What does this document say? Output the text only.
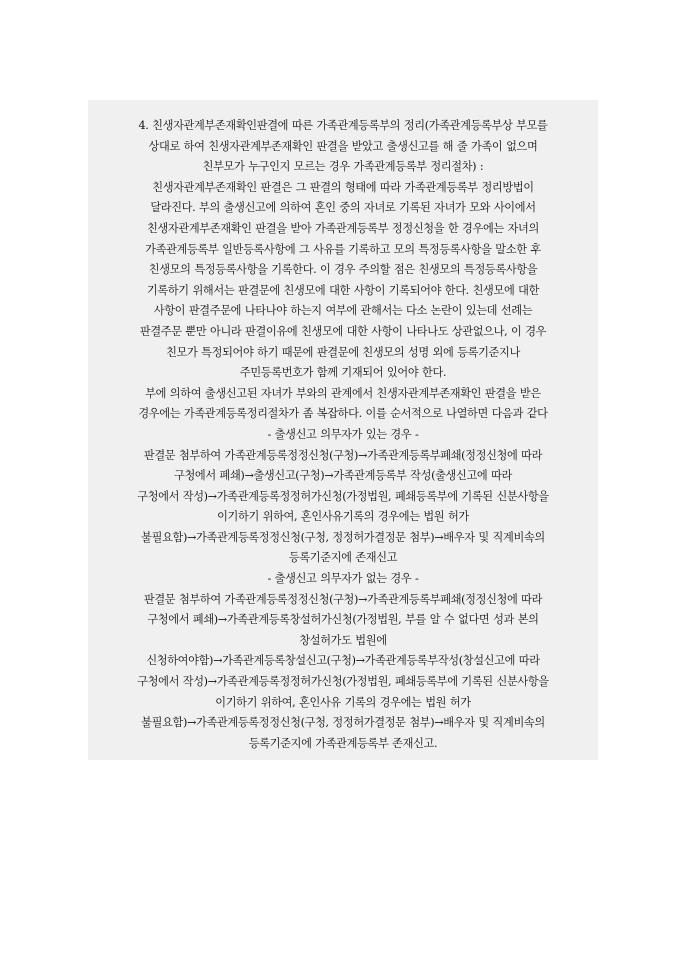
4. 친생자관계부존재확인판결에 따른 가족관계등록부의 정리(가족관계등록부상 부모를
상대로 하여 친생자관계부존재확인 판결을 받았고 출생신고를 해 줄 가족이 없으며
친부모가 누구인지 모르는 경우 가족관계등록부 정리절차) :
친생자관계부존재확인 판결은 그 판결의 형태에 따라 가족관계등록부 정리방법이
달라진다. 부의 출생신고에 의하여 혼인 중의 자녀로 기록된 자녀가 모와 사이에서
친생자관계부존재확인 판결을 받아 가족관계등록부 정정신청을 한 경우에는 자녀의
가족관계등록부 일반등록사항에 그 사유를 기록하고 모의 특정등록사항을 말소한 후
친생모의 특정등록사항을 기록한다. 이 경우 주의할 점은 친생모의 특정등록사항을
기록하기 위해서는 판결문에 친생모에 대한 사항이 기록되어야 한다. 친생모에 대한
사항이 판결주문에 나타나야 하는지 여부에 관해서는 다소 논란이 있는데 선례는
판결주문 뿐만 아니라 판결이유에 친생모에 대한 사항이 나타나도 상관없으나, 이 경우
친모가 특정되어야 하기 때문에 판결문에 친생모의 성명 외에 등록기준지나
주민등록번호가 함께 기재되어 있어야 한다.
부에 의하여 출생신고된 자녀가 부와의 관계에서 친생자관계부존재확인 판결을 받은
경우에는 가족관계등록정리절차가 좀 복잡하다. 이를 순서적으로 나열하면 다음과 같다
- 출생신고 의무자가 있는 경우 -
판결문 첨부하여 가족관계등록정정신청(구청)→가족관계등록부폐쇄(정정신청에 따라
구청에서 폐쇄)→출생신고(구청)→가족관계등록부 작성(출생신고에 따라
구청에서 작성)→가족관계등록정정허가신청(가정법원, 폐쇄등록부에 기록된 신분사항을
이기하기 위하여, 혼인사유기록의 경우에는 법원 허가
불필요함)→가족관계등록정정신청(구청, 정정허가결정문 첨부)→배우자 및 직계비속의
등록기준지에 존재신고
- 출생신고 의무자가 없는 경우 -
판결문 첨부하여 가족관계등록정정신청(구청)→가족관계등록부폐쇄(정정신청에 따라
구청에서 폐쇄)→가족관계등록창설허가신청(가정법원, 부를 알 수 없다면 성과 본의
창설허가도 법원에
신청하여야함)→가족관계등록창설신고(구청)→가족관계등록부작성(창설신고에 따라
구청에서 작성)→가족관계등록정정허가신청(가정법원, 폐쇄등록부에 기록된 신분사항을
이기하기 위하여, 혼인사유 기록의 경우에는 법원 허가
불필요함)→가족관계등록정정신청(구청, 정정허가결정문 첨부)→배우자 및 직계비속의
등록기준지에 가족관계등록부 존재신고.
